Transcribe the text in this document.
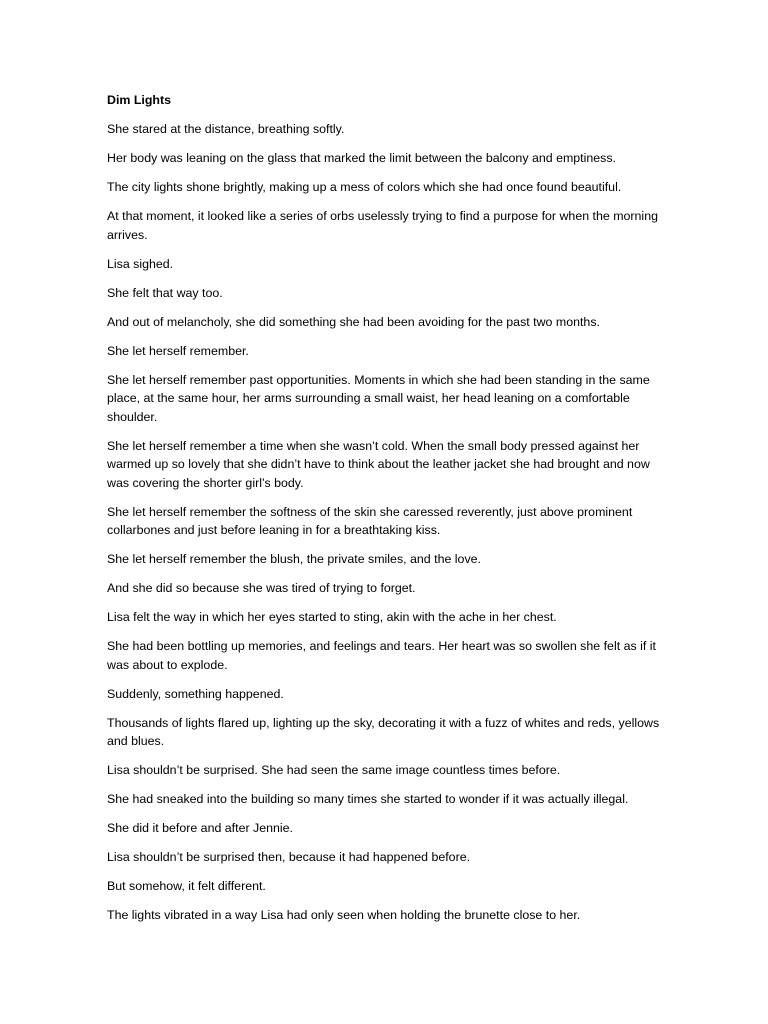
Dim Lights

She stared at the distance, breathing softly.

Her body was leaning on the glass that marked the limit between the balcony and emptiness.

The city lights shone brightly, making up a mess of colors which she had once found beautiful.

At that moment, it looked like a series of orbs uselessly trying to find a purpose for when the morning arrives.

Lisa sighed.

She felt that way too.

And out of melancholy, she did something she had been avoiding for the past two months.

She let herself remember.

She let herself remember past opportunities. Moments in which she had been standing in the same place, at the same hour, her arms surrounding a small waist, her head leaning on a comfortable shoulder.

She let herself remember a time when she wasn’t cold. When the small body pressed against her warmed up so lovely that she didn’t have to think about the leather jacket she had brought and now was covering the shorter girl’s body.

She let herself remember the softness of the skin she caressed reverently, just above prominent collarbones and just before leaning in for a breathtaking kiss.

She let herself remember the blush, the private smiles, and the love.

And she did so because she was tired of trying to forget.

Lisa felt the way in which her eyes started to sting, akin with the ache in her chest.

She had been bottling up memories, and feelings and tears. Her heart was so swollen she felt as if it was about to explode.

Suddenly, something happened.

Thousands of lights flared up, lighting up the sky, decorating it with a fuzz of whites and reds, yellows and blues.

Lisa shouldn’t be surprised. She had seen the same image countless times before.

She had sneaked into the building so many times she started to wonder if it was actually illegal.

She did it before and after Jennie.

Lisa shouldn’t be surprised then, because it had happened before.

But somehow, it felt different.

The lights vibrated in a way Lisa had only seen when holding the brunette close to her.
